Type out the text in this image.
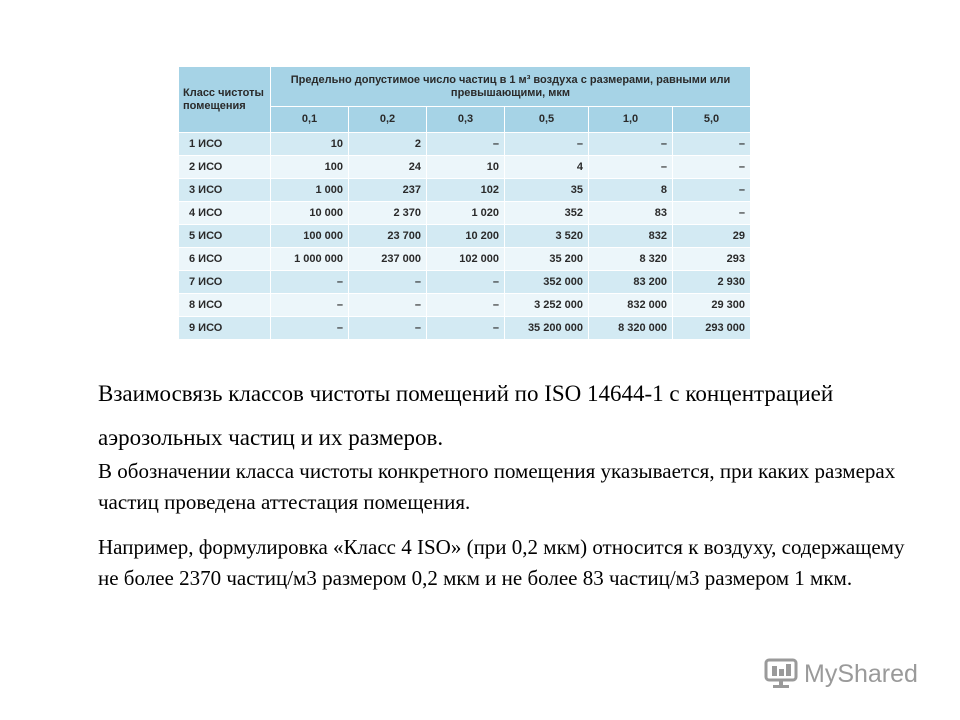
Класс чистоты помещения	Предельно допустимое число частиц в 1 м³ воздуха с размерами, равными или превышающими, мкм					
	0,1	0,2	0,3	0,5	1,0	5,0
1 ИСО	10	2	–	–	–	–
2 ИСО	100	24	10	4	–	–
3 ИСО	1 000	237	102	35	8	–
4 ИСО	10 000	2 370	1 020	352	83	–
5 ИСО	100 000	23 700	10 200	3 520	832	29
6 ИСО	1 000 000	237 000	102 000	35 200	8 320	293
7 ИСО	–	–	–	352 000	83 200	2 930
8 ИСО	–	–	–	3 252 000	832 000	29 300
9 ИСО	–	–	–	35 200 000	8 320 000	293 000

Взаимосвязь классов чистоты помещений по ISO 14644-1 с концентрацией аэрозольных частиц и их размеров.

В обозначении класса чистоты конкретного помещения указывается, при каких размерах частиц проведена аттестация помещения.

Например, формулировка «Класс 4 ISO» (при 0,2 мкм) относится к воздуху, содержащему не более 2370 частиц/м3 размером 0,2 мкм и не более 83 частиц/м3 размером 1 мкм.

MyShared
